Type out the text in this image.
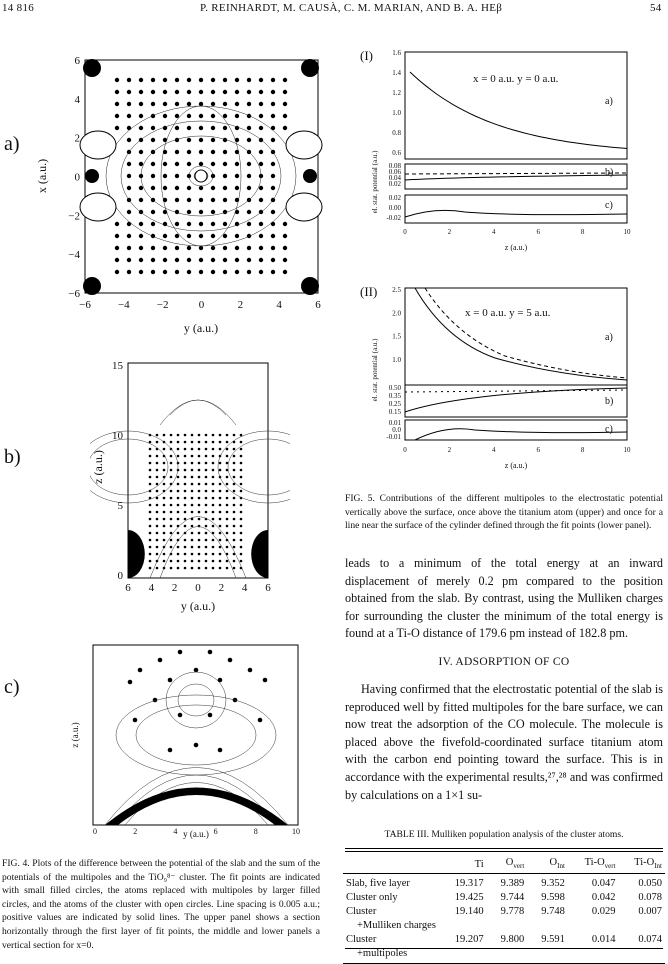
14 816	P. REINHARDT, M. CAUSÀ, C. M. MARIAN, AND B. A. HEβ	54
a)
b)
c)
−6 −4 −2	0	2	4	6
6
4
2
0
−2
−4
−6
y (a.u.)
x (a.u.)
6 4 2 0 2 4 6
15
10
5
0
y (a.u.)
z (a.u.)
0	2	4	6	8	10
y (a.u.)
z (a.u.)
FIG. 4. Plots of the difference between the potential of the slab and the sum of the potentials of the multipoles and the TiO₉⁸⁻ cluster. The fit points are indicated with small filled circles, the atoms replaced with multipoles by larger filled circles, and the atoms of the cluster with open circles. Line spacing is 0.005 a.u.; positive values are indicated by solid lines. The upper panel shows a section horizontally through the first layer of fit points, the middle and lower panels a vertical section for x=0.
(I)
x = 0 a.u. y = 0 a.u.
a)
b)
c)
1.6
1.4
1.2
1.0
0.8
0.6
0.08
0.06
0.04
0.02
0.02
0.00
-0.02
0	2	4	6	8	10
z (a.u.)
el. stat. potential (a.u.)
(II)
x = 0 a.u. y = 5 a.u.
a)
b)
c)
2.5
2.0
1.5
1.0
0.50
0.35
0.25
0.15
0.01
0.0
-0.01
0	2	4	6	8	10
z (a.u.)
el. stat. potential (a.u.)
FIG. 5. Contributions of the different multipoles to the electrostatic potential vertically above the surface, once above the titanium atom (upper) and once for a line near the surface of the cylinder defined through the fit points (lower panel).
leads to a minimum of the total energy at an inward displacement of merely 0.2 pm compared to the position obtained from the slab. By contrast, using the Mulliken charges for surrounding the cluster the minimum of the total energy is found at a Ti-O distance of 179.6 pm instead of 182.8 pm.
IV. ADSORPTION OF CO
Having confirmed that the electrostatic potential of the slab is reproduced well by fitted multipoles for the bare surface, we can now treat the adsorption of the CO molecule. The molecule is placed above the fivefold-coordinated surface titanium atom with the carbon end pointing toward the surface. This is in accordance with the experimental results,²⁷,²⁸ and was confirmed by calculations on a 1×1 su-
TABLE III. Mulliken population analysis of the cluster atoms.
	Ti	$O_{vert}$	$O_{Int}$	$Ti-O_{vert}$	$Ti-O_{Int}$

Slab, five layer	19.317	9.389	9.352	0.047	0.050
Cluster only	19.425	9.744	9.598	0.042	0.078
Cluster	19.140	9.778	9.748	0.029	0.007
+Mulliken charges					
Cluster	19.207	9.800	9.591	0.014	0.074
+multipoles					
